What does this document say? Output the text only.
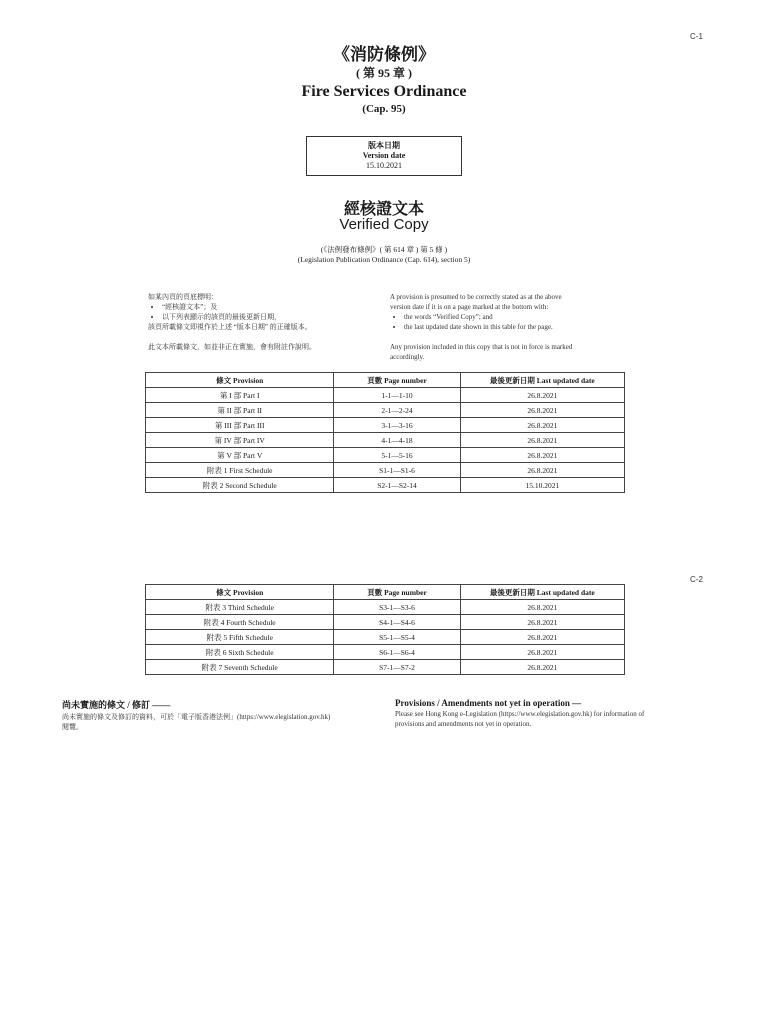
C-1
《消防條例》
( 第 95 章 )
Fire Services Ordinance
(Cap. 95)
版本日期
Version date
15.10.2021
經核證文本
Verified Copy
(《法例發布條例》( 第 614 章 ) 第 5 條 )
(Legislation Publication Ordinance (Cap. 614), section 5)
如某內頁的頁底標明：
• “經核證文本”；及
• 以下列表顯示的該頁的最後更新日期，
該頁所載條文即視作於上述 “版本日期” 的正確版本。
此文本所載條文，如並非正在實施，會有附註作說明。
A provision is presumed to be correctly stated as at the above
version date if it is on a page marked at the bottom with:
• the words “Verified Copy”; and
• the last updated date shown in this table for the page.
Any provision included in this copy that is not in force is marked
accordingly.
條文 Provision	頁數 Page number	最後更新日期 Last updated date
第 I 部 Part I	1-1—1-10	26.8.2021
第 II 部 Part II	2-1—2-24	26.8.2021
第 III 部 Part III	3-1—3-16	26.8.2021
第 IV 部 Part IV	4-1—4-18	26.8.2021
第 V 部 Part V	5-1—5-16	26.8.2021
附表 1 First Schedule	S1-1—S1-6	26.8.2021
附表 2 Second Schedule	S2-1—S2-14	15.10.2021
C-2
條文 Provision	頁數 Page number	最後更新日期 Last updated date
附表 3 Third Schedule	S3-1—S3-6	26.8.2021
附表 4 Fourth Schedule	S4-1—S4-6	26.8.2021
附表 5 Fifth Schedule	S5-1—S5-4	26.8.2021
附表 6 Sixth Schedule	S6-1—S6-4	26.8.2021
附表 7 Seventh Schedule	S7-1—S7-2	26.8.2021
尚未實施的條文 / 修訂 ——
尚未實施的條文及修訂的資料，可於「電子版香港法例」(https://www.elegislation.gov.hk)
閱覽。
Provisions / Amendments not yet in operation —
Please see Hong Kong e-Legislation (https://www.elegislation.gov.hk) for information of
provisions and amendments not yet in operation.
